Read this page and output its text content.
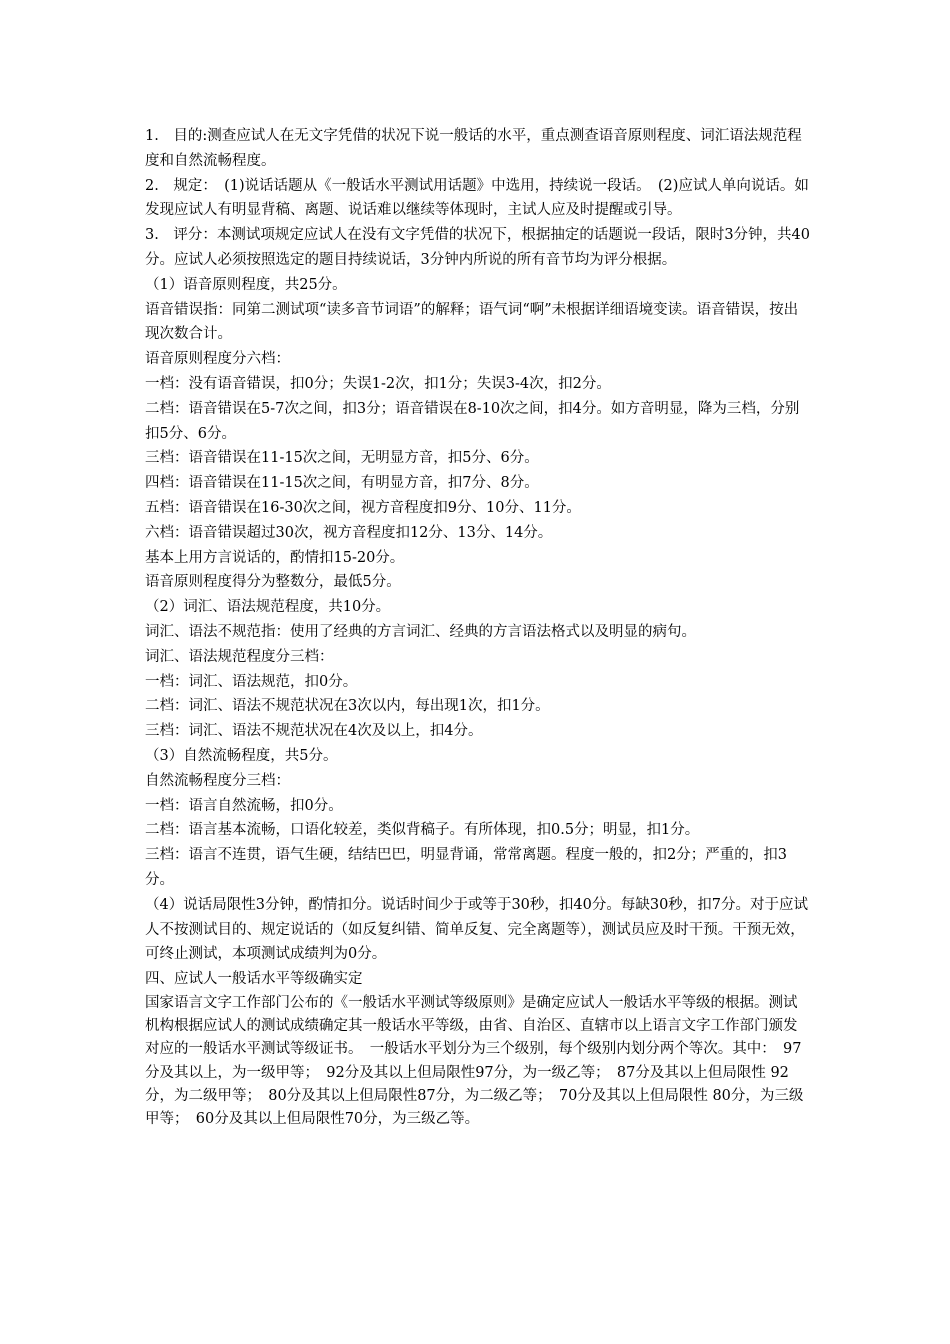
1.　目的:测查应试人在无文字凭借的状况下说一般话的水平，重点测查语音原则程度、词汇语法规范程度和自然流畅程度。

2.　规定：　(1)说话话题从《一般话水平测试用话题》中选用，持续说一段话。　(2)应试人单向说话。如发现应试人有明显背稿、离题、说话难以继续等体现时，主试人应及时提醒或引导。

3.　评分：本测试项规定应试人在没有文字凭借的状况下，根据抽定的话题说一段话，限时3分钟，共40分。应试人必须按照选定的题目持续说话，3分钟内所说的所有音节均为评分根据。

（1）语音原则程度，共25分。

语音错误指：同第二测试项“读多音节词语”的解释；语气词“啊”未根据详细语境变读。语音错误，按出现次数合计。

语音原则程度分六档：

一档：没有语音错误，扣0分；失误1-2次，扣1分；失误3-4次，扣2分。

二档：语音错误在5-7次之间，扣3分；语音错误在8-10次之间，扣4分。如方音明显，降为三档，分别扣5分、6分。

三档：语音错误在11-15次之间，无明显方音，扣5分、6分。

四档：语音错误在11-15次之间，有明显方音，扣7分、8分。

五档：语音错误在16-30次之间，视方音程度扣9分、10分、11分。

六档：语音错误超过30次，视方音程度扣12分、13分、14分。

基本上用方言说话的，酌情扣15-20分。

语音原则程度得分为整数分，最低5分。

（2）词汇、语法规范程度，共10分。

词汇、语法不规范指：使用了经典的方言词汇、经典的方言语法格式以及明显的病句。

词汇、语法规范程度分三档：

一档：词汇、语法规范，扣0分。

二档：词汇、语法不规范状况在3次以内，每出现1次，扣1分。

三档：词汇、语法不规范状况在4次及以上，扣4分。

（3）自然流畅程度，共5分。

自然流畅程度分三档：

一档：语言自然流畅，扣0分。

二档：语言基本流畅，口语化较差，类似背稿子。有所体现，扣0.5分；明显，扣1分。

三档：语言不连贯，语气生硬，结结巴巴，明显背诵，常常离题。程度一般的，扣2分；严重的，扣3分。

（4）说话局限性3分钟，酌情扣分。说话时间少于或等于30秒，扣40分。每缺30秒，扣7分。对于应试人不按测试目的、规定说话的（如反复纠错、简单反复、完全离题等），测试员应及时干预。干预无效，可终止测试，本项测试成绩判为0分。

四、应试人一般话水平等级确实定

国家语言文字工作部门公布的《一般话水平测试等级原则》是确定应试人一般话水平等级的根据。测试机构根据应试人的测试成绩确定其一般话水平等级，由省、自治区、直辖市以上语言文字工作部门颁发对应的一般话水平测试等级证书。　一般话水平划分为三个级别，每个级别内划分两个等次。其中：　97分及其以上，为一级甲等；　92分及其以上但局限性97分，为一级乙等；　87分及其以上但局限性 92分，为二级甲等；　80分及其以上但局限性87分，为二级乙等；　70分及其以上但局限性 80分，为三级甲等；　60分及其以上但局限性70分，为三级乙等。
